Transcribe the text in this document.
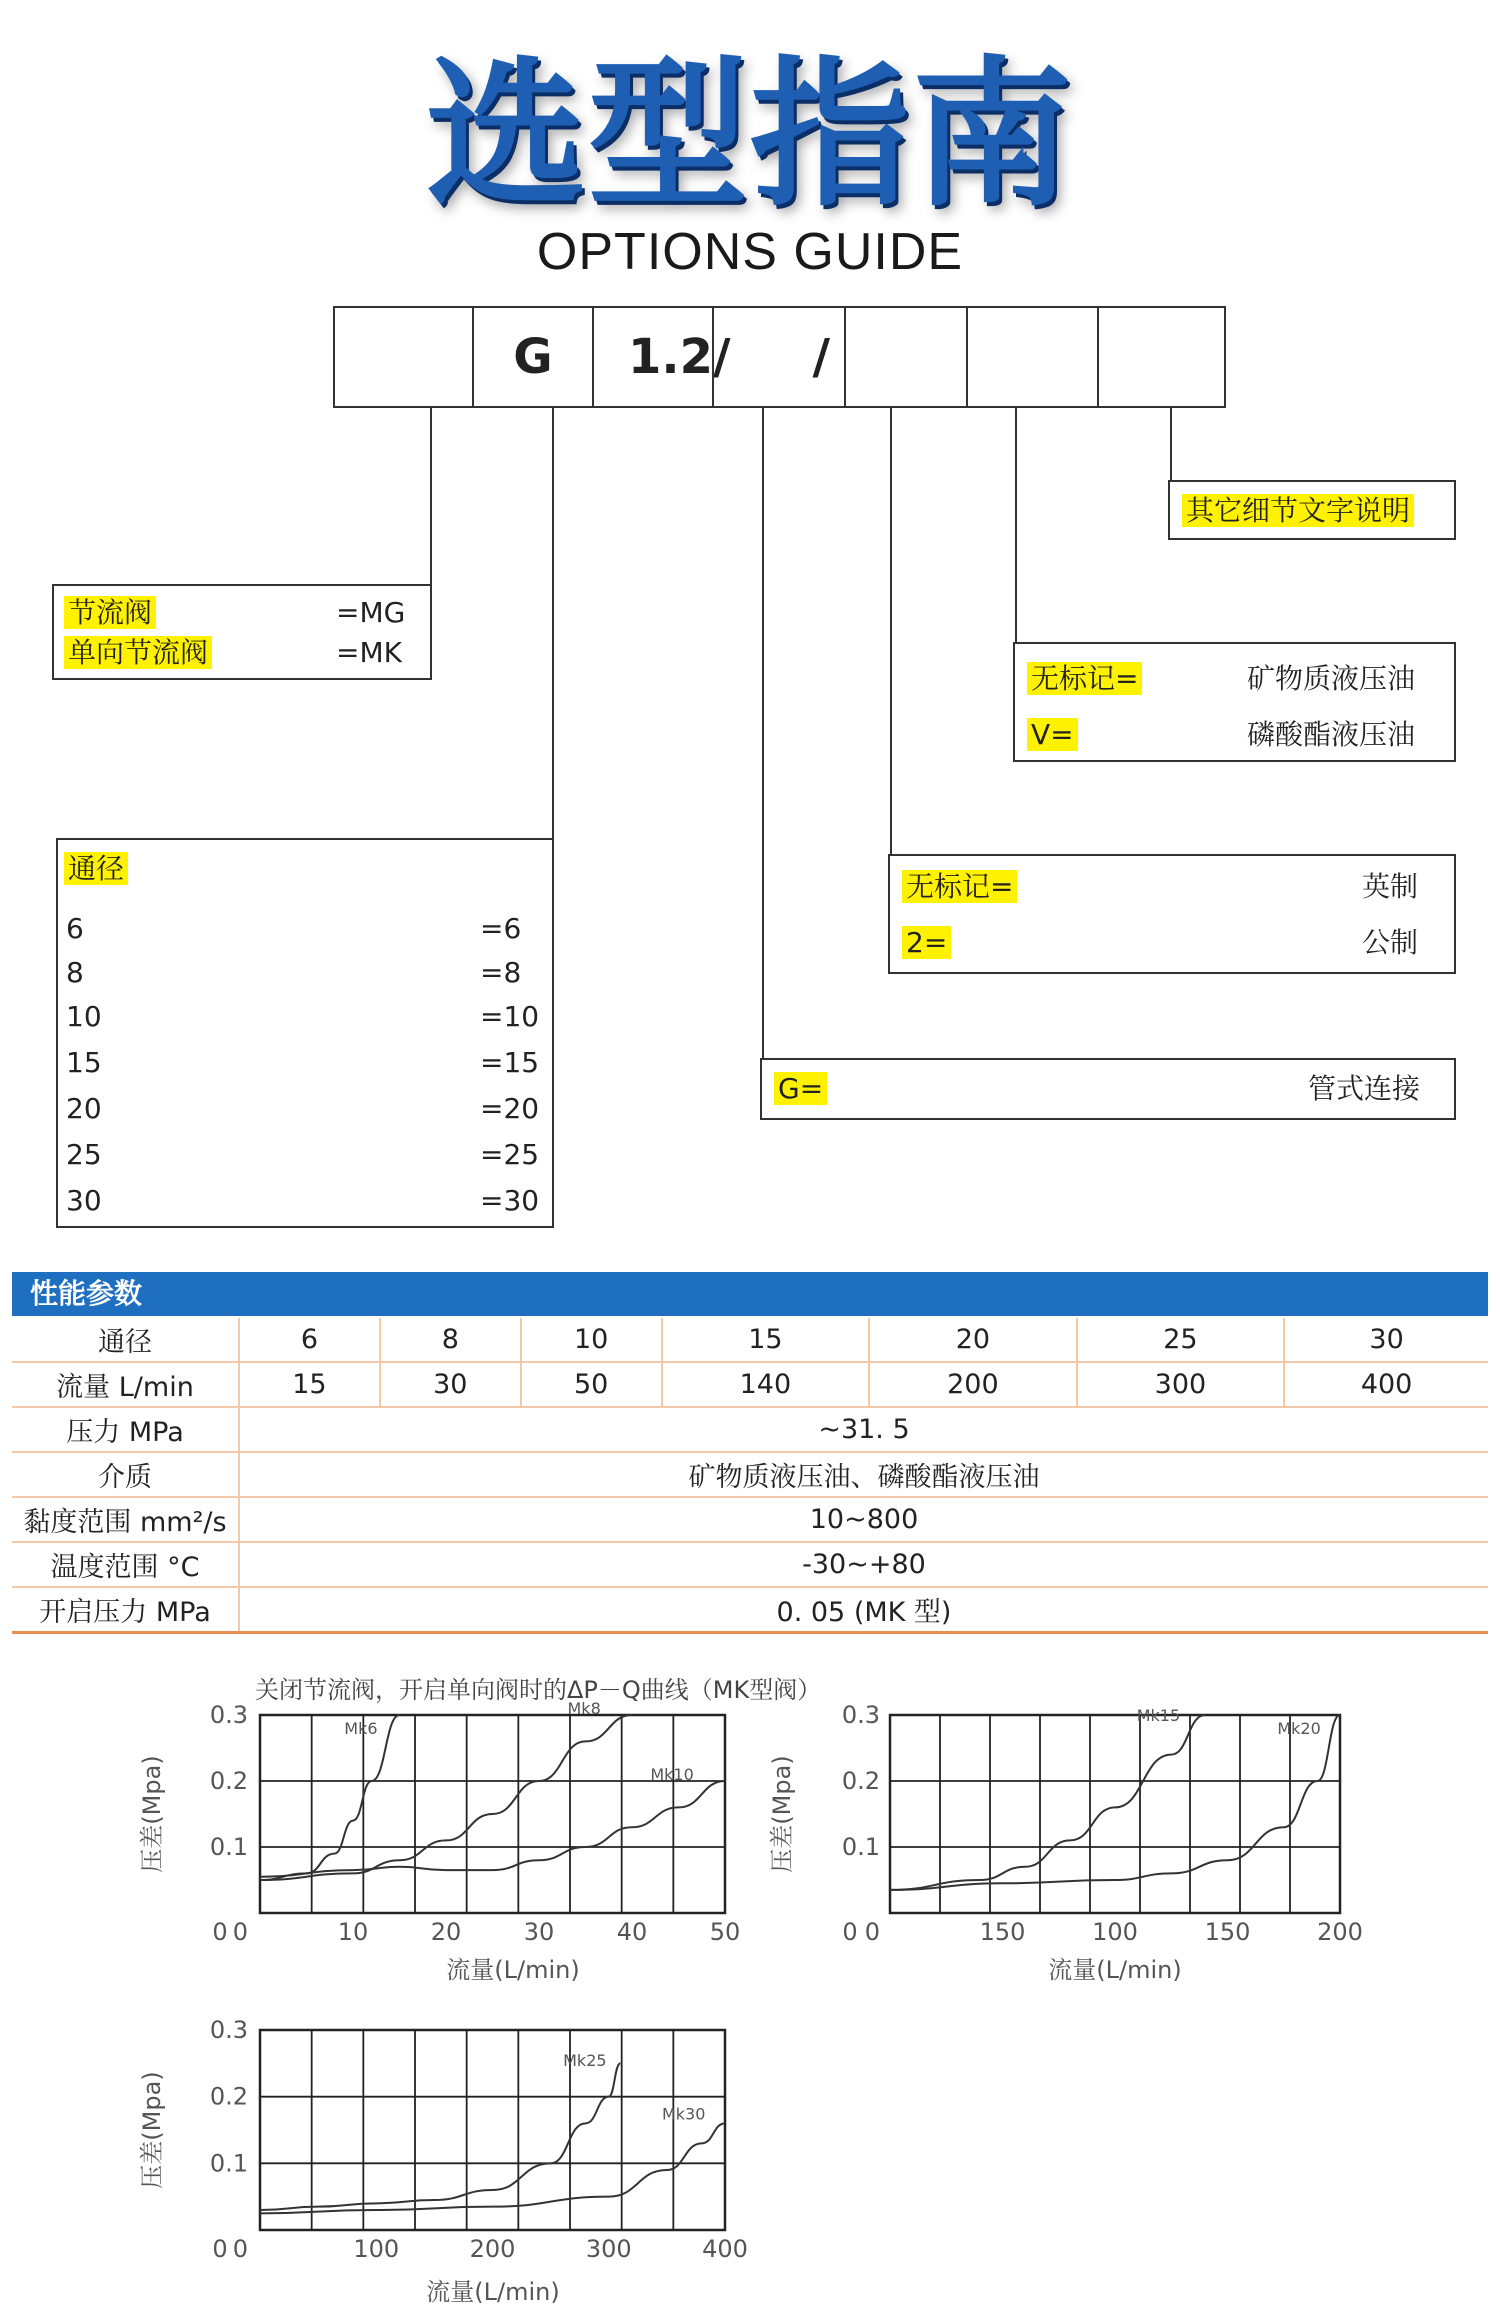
选型指南
OPTIONS GUIDE
G 1.2/ /
其它细节文字说明
节流阀	=MG
单向节流阀	=MK
无标记=	矿物质液压油
V=	磷酸酯液压油
通径
6	=6
8	=8
10	=10
15	=15
20	=20
25	=25
30	=30
无标记=	英制
2=	公制
G=	管式连接
性能参数
通径	6	8	10	15	20	25	30
流量 L/min	15	30	50	140	200	300	400
压力 MPa	~31. 5						
介质	矿物质液压油、磷酸酯液压油						
黏度范围 mm²/s	10~800						
温度范围 °C	-30~+80						
开启压力 MPa	0. 05 (MK 型)						
关闭节流阀，开启单向阀时的ΔP－Q曲线（MK型阀）
0.3
0.2
0.1
0
0	10	20	30	40	50
流量(L/min)
压差(Mpa)
Mk6
Mk8
Mk10
0.3
0.2
0.1
0
0	150	100	150	200
流量(L/min)
压差(Mpa)
Mk15
Mk20
0.3
0.2
0.1
0
0	100	200	300	400
流量(L/min)
压差(Mpa)
Mk25
Mk30
